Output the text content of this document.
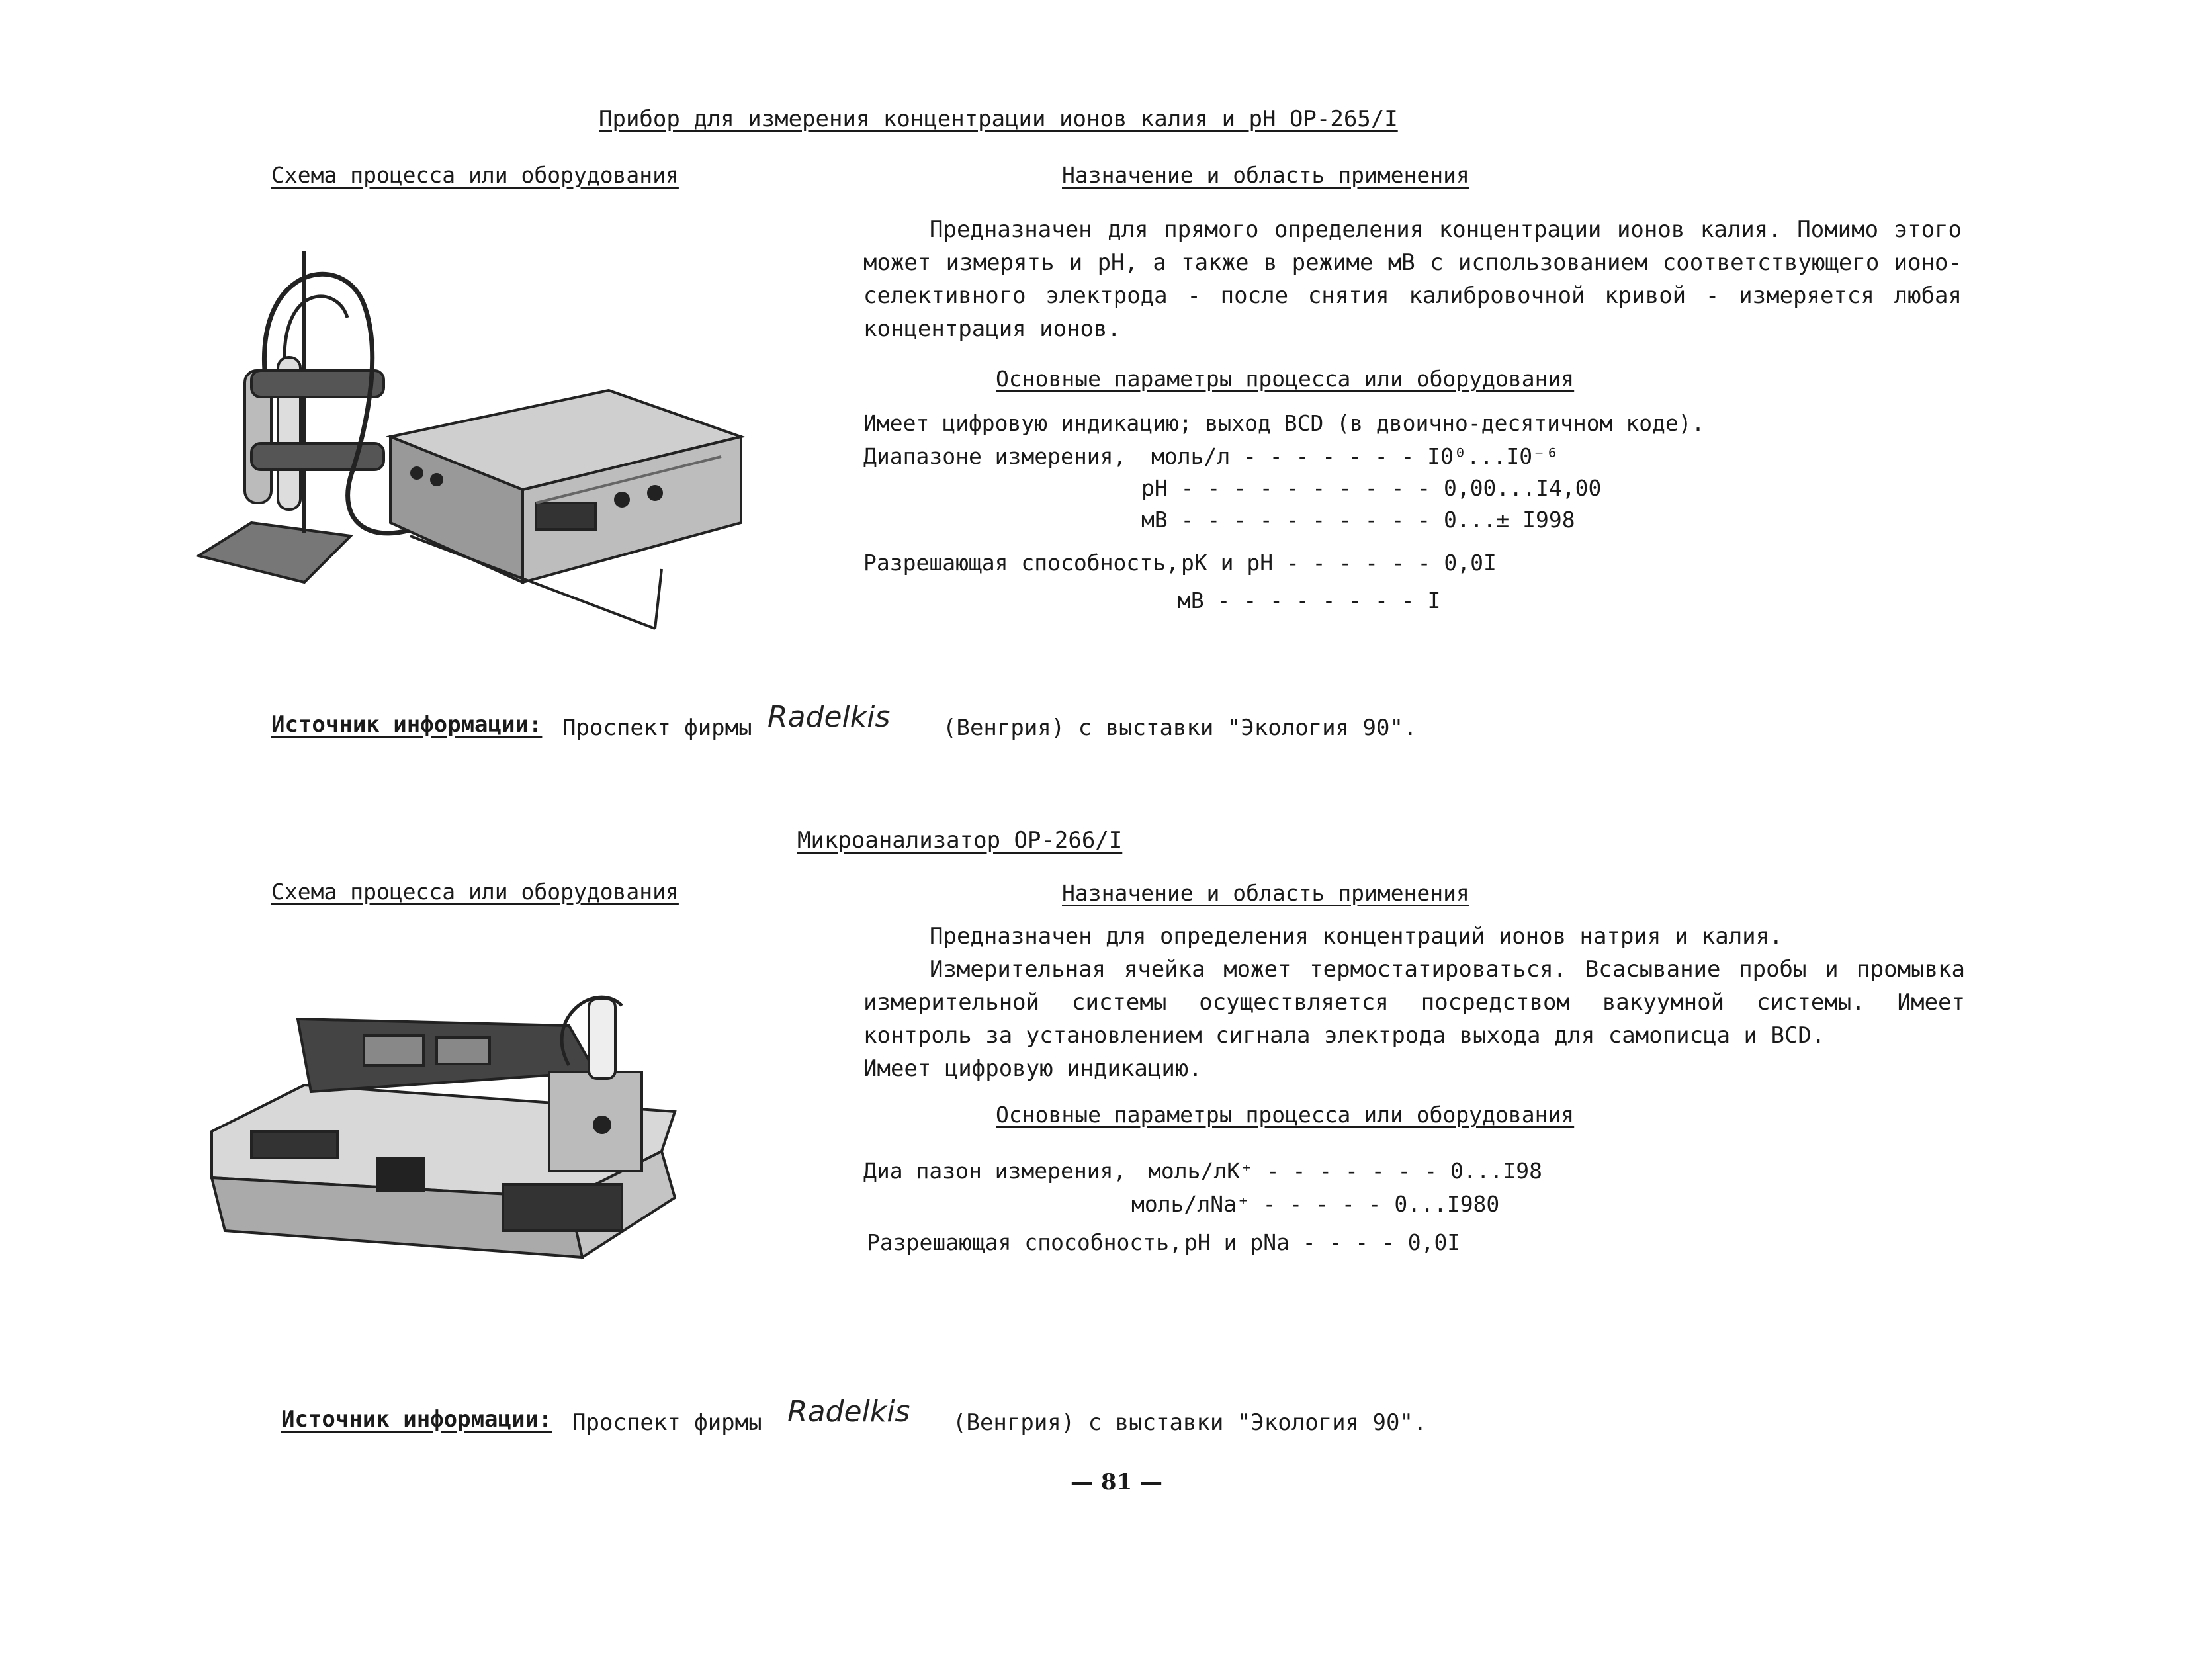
Прибор для измерения концентрации ионов калия и рН ОР-265/I
Схема процесса или оборудования	Назначение и область применения

Предназначен для прямого определения концентрации ионов калия. Помимо этого может измерять и рН, а также в режиме мВ с использованием соответствующего ионо-селективного электрода - после снятия калибровочной кривой - измеряется любая концентрация ионов.

Основные параметры процесса или оборудования
Имеет цифровую индикацию; выход BCD (в двоично-десятичном коде).
Диапазоне измерения, моль/л - - - - - - - I0⁰...I0⁻⁶
рН - - - - - - - - - - 0,00...I4,00
мВ - - - - - - - - - - 0...± I998
Разрешающая способность, рК и рН - - - - - - 0,0I
мВ - - - - - - - - I
Источник информации: Проспект фирмы Radelkis (Венгрия) с выставки "Экология 90".
Микроанализатор ОР-266/I
Схема процесса или оборудования	Назначение и область применения

Предназначен для определения концентраций ионов натрия и калия.

Измерительная ячейка может термостатироваться. Всасывание пробы и промывка измерительной системы осуществляется посредством вакуумной системы. Имеет контроль за установлением сигнала электрода выхода для самописца и BCD.

Имеет цифровую индикацию.

Основные параметры процесса или оборудования
Диа пазон измерения, моль/лК⁺ - - - - - - - 0...I98
моль/лNa⁺ - - - - - 0...I980
Разрешающая способность, рН и рNa - - - - 0,0I
Источник информации: Проспект фирмы Radelkis (Венгрия) с выставки "Экология 90".
— 81 —
